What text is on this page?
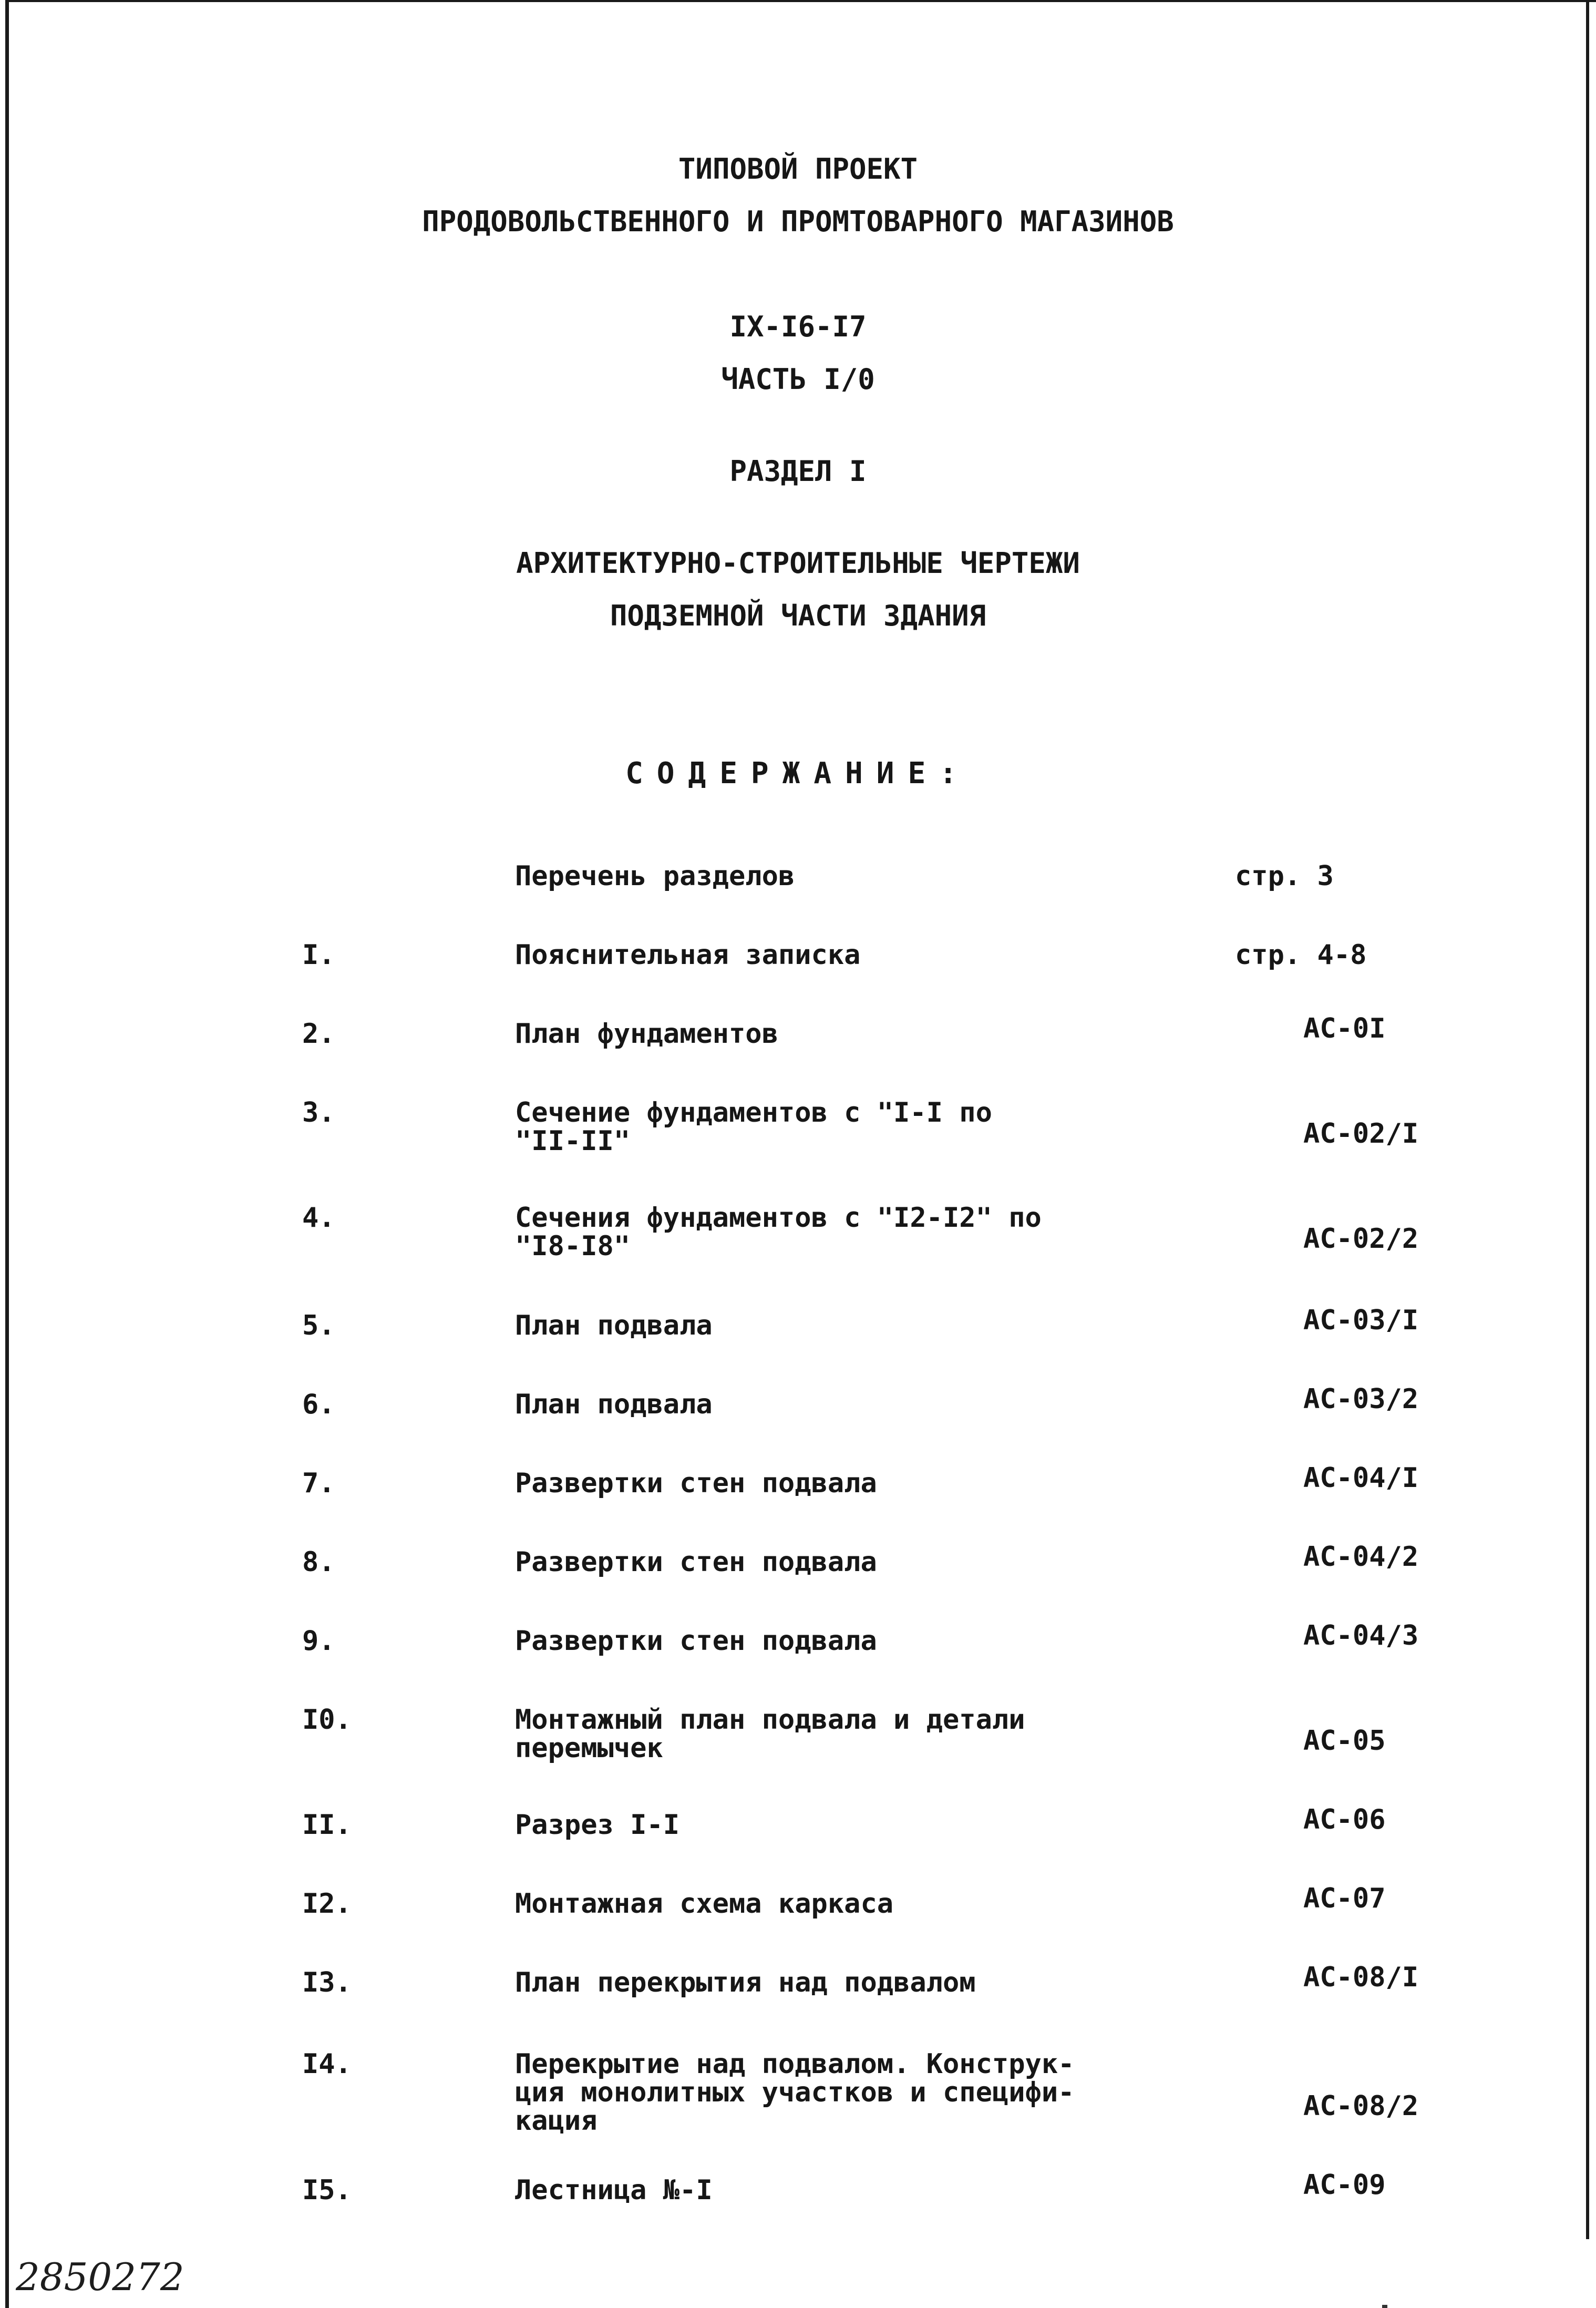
ТИПОВОЙ ПРОЕКТ
ПРОДОВОЛЬСТВЕННОГО И ПРОМТОВАРНОГО МАГАЗИНОВ
IX-I6-I7
ЧАСТЬ I/0
РАЗДЕЛ I
АРХИТЕКТУРНО-СТРОИТЕЛЬНЫЕ ЧЕРТЕЖИ
ПОДЗЕМНОЙ ЧАСТИ ЗДАНИЯ
СОДЕРЖАНИЕ:
Перечень разделов	стр. 3
I.	Пояснительная записка	стр. 4-8
2.	План фундаментов	АС-0I
3.	Сечение фундаментов с "I-I по
"II-II"	АС-02/I
4.	Сечения фундаментов с "I2-I2" по
"I8-I8"	АС-02/2
5.	План подвала	АС-03/I
6.	План подвала	АС-03/2
7.	Развертки стен подвала	АС-04/I
8.	Развертки стен подвала	АС-04/2
9.	Развертки стен подвала	АС-04/3
I0.	Монтажный план подвала и детали
перемычек	АС-05
II.	Разрез I-I	АС-06
I2.	Монтажная схема каркаса	АС-07
I3.	План перекрытия над подвалом	АС-08/I
I4.	Перекрытие над подвалом. Конструк-
ция монолитных участков и специфи-
кация	АС-08/2
I5.	Лестница №-I	АС-09
2850272
